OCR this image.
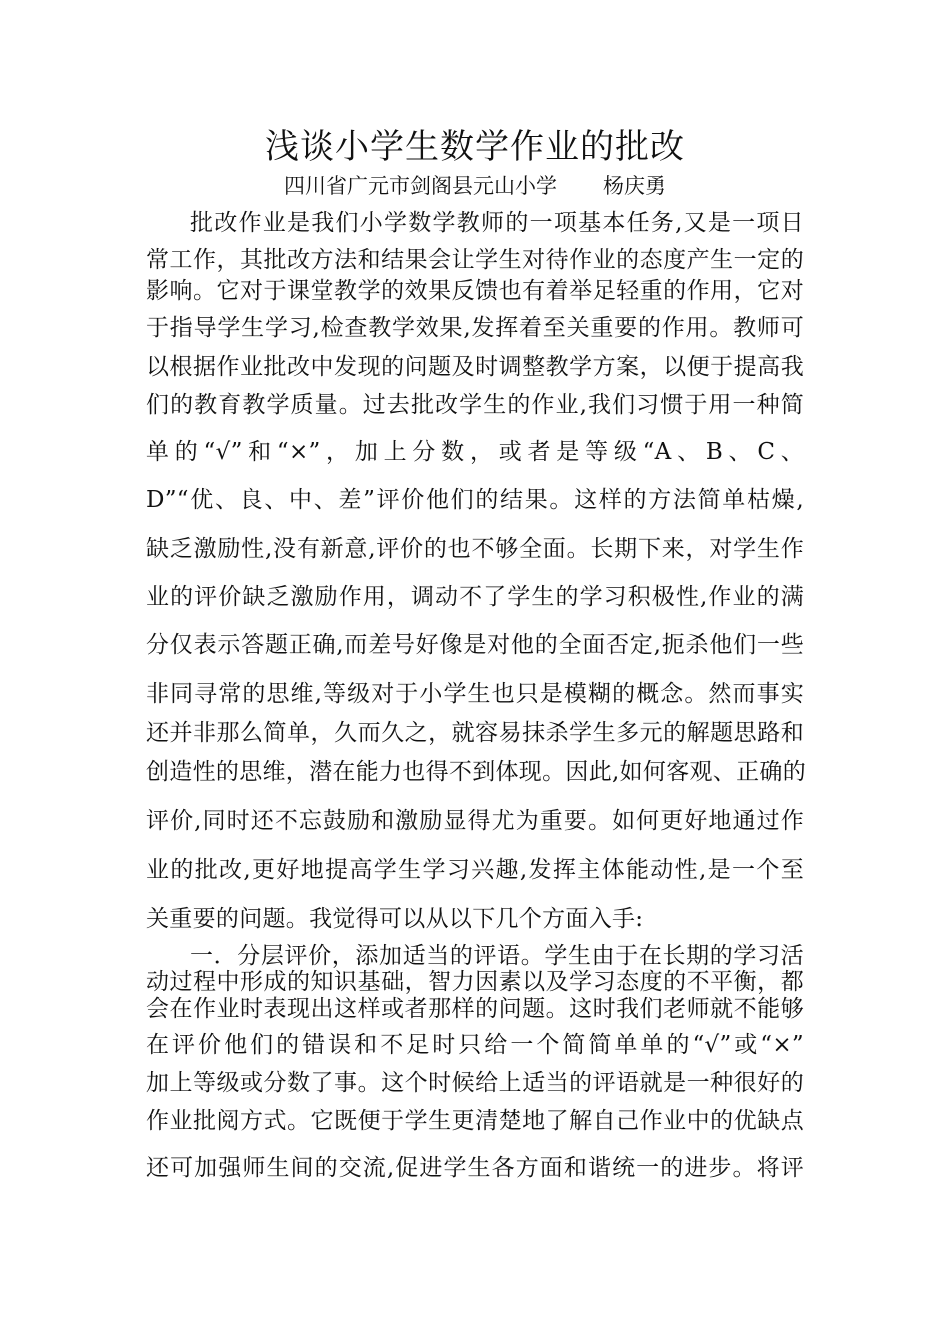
浅谈小学生数学作业的批改
四川省广元市剑阁县元山小学 杨庆勇
批改作业是我们小学数学教师的一项基本任务,又是一项日
常工作，其批改方法和结果会让学生对待作业的态度产生一定的
影响。它对于课堂教学的效果反馈也有着举足轻重的作用，它对
于指导学生学习,检查教学效果,发挥着至关重要的作用。教师可
以根据作业批改中发现的问题及时调整教学方案，以便于提高我
们的教育教学质量。过去批改学生的作业,我们习惯于用一种简
单的“√”和“×”，加上分数，或者是等级“A、B、C、
D”“优、良、中、差”评价他们的结果。这样的方法简单枯燥,
缺乏激励性,没有新意,评价的也不够全面。长期下来，对学生作
业的评价缺乏激励作用，调动不了学生的学习积极性,作业的满
分仅表示答题正确,而差号好像是对他的全面否定,扼杀他们一些
非同寻常的思维,等级对于小学生也只是模糊的概念。然而事实
还并非那么简单，久而久之，就容易抹杀学生多元的解题思路和
创造性的思维，潜在能力也得不到体现。因此,如何客观、正确的
评价,同时还不忘鼓励和激励显得尤为重要。如何更好地通过作
业的批改,更好地提高学生学习兴趣,发挥主体能动性,是一个至
关重要的问题。我觉得可以从以下几个方面入手:
一．分层评价，添加适当的评语。学生由于在长期的学习活
动过程中形成的知识基础，智力因素以及学习态度的不平衡，都
会在作业时表现出这样或者那样的问题。这时我们老师就不能够
在评价他们的错误和不足时只给一个简简单单的“√”或“×”
加上等级或分数了事。这个时候给上适当的评语就是一种很好的
作业批阅方式。它既便于学生更清楚地了解自己作业中的优缺点
还可加强师生间的交流,促进学生各方面和谐统一的进步。将评
